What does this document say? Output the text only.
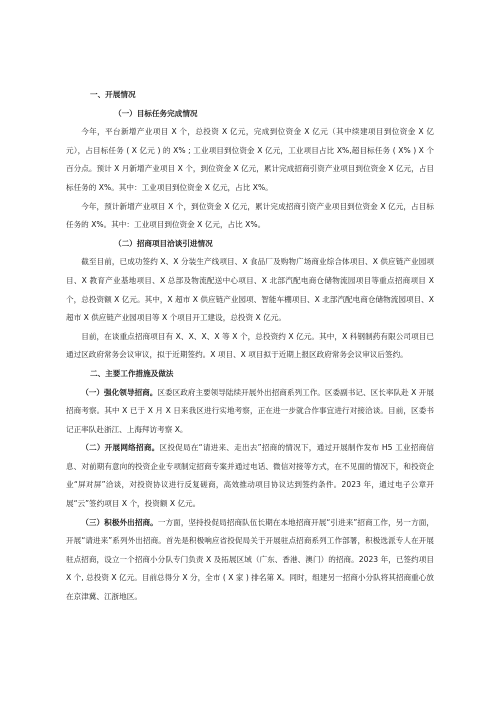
一、开展情况

（一）目标任务完成情况

今年，平台新增产业项目 X 个，总投资 X 亿元，完成到位资金 X 亿元（其中续建项目到位资金 X 亿元），占目标任务 ( X 亿元 ) 的 X% ; 工业项目到位资金 X 亿元，工业项目占比 X%,超目标任务 ( X% ) X 个百分点。预计 X 月新增产业项目 X 个，到位资金 X 亿元，累计完成招商引资产业项目到位资金 X 亿元，占目标任务的 X%。其中：工业项目到位资金 X 亿元，占比 X%。

今年，预计新增产业项目 X 个，到位资金 X 亿元，累计完成招商引资产业项目到位资金 X 亿元，占目标任务的 X%。其中：工业项目到位资金 X 亿元，占比 X%。

（二）招商项目洽谈引进情况

截至目前，已成功签约 X、X 分装生产线项目、X 食品厂及购物广场商业综合体项目、X 供应链产业园项目、X 教育产业基地项目、X 总部及物流配送中心项目、X 北部汽配电商仓储物流园项目等重点招商项目 X 个，总投资额 X 亿元。其中，X 超市 X 供应链产业园项、智能车棚项目、X 北部汽配电商仓储物流园项目、X 超市 X 供应链产业园项目等 X 个项目开工建设，总投资 X 亿元。

目前，在谈重点招商项目有 X、X、X、X 等 X 个，总投资约 X 亿元。其中，X 科钢制药有限公司项目已通过区政府常务会议审议，拟于近期签约。X 项目、X 项目拟于近期上报区政府常务会议审议后签约。

二、主要工作措施及做法

（一）强化领导招商。区委区政府主要领导陆续开展外出招商系列工作。区委副书记、区长率队赴 X 开展招商考察。其中 X 已于 X 月 X 日来我区进行实地考察，正在进一步就合作事宜进行对接洽谈。目前，区委书记正率队赴浙江、上海拜访考察 X。

（二）开展网络招商。区投促局在“请进来、走出去”招商的情况下，通过开展制作发布 H5 工业招商信息、对前期有意向的投资企业专项制定招商专案并通过电话、微信对接等方式，在不见面的情况下，和投资企业“屏对屏”洽谈，对投资协议进行反复磋商，高效推动项目协议达到签约条件。2023 年，通过电子公章开展“云”签约项目 X 个，投资额 X 亿元。

（三）积极外出招商。一方面，坚持投促局招商队伍长期在本地招商开展“引进来”招商工作，另一方面，开展“请进来”系列外出招商。首先是积极响应省投促局关于开展驻点招商系列工作部署，积极选派专人在开展驻点招商，设立一个招商小分队专门负责 X 及拓展区域（广东、香港、澳门）的招商。2023 年，已签约项目 X 个, 总投资 X 亿元。目前总得分 X 分，全市 ( X 家 ) 排名第 X。同时，组建另一招商小分队将其招商重心放在京津冀、江浙地区。
